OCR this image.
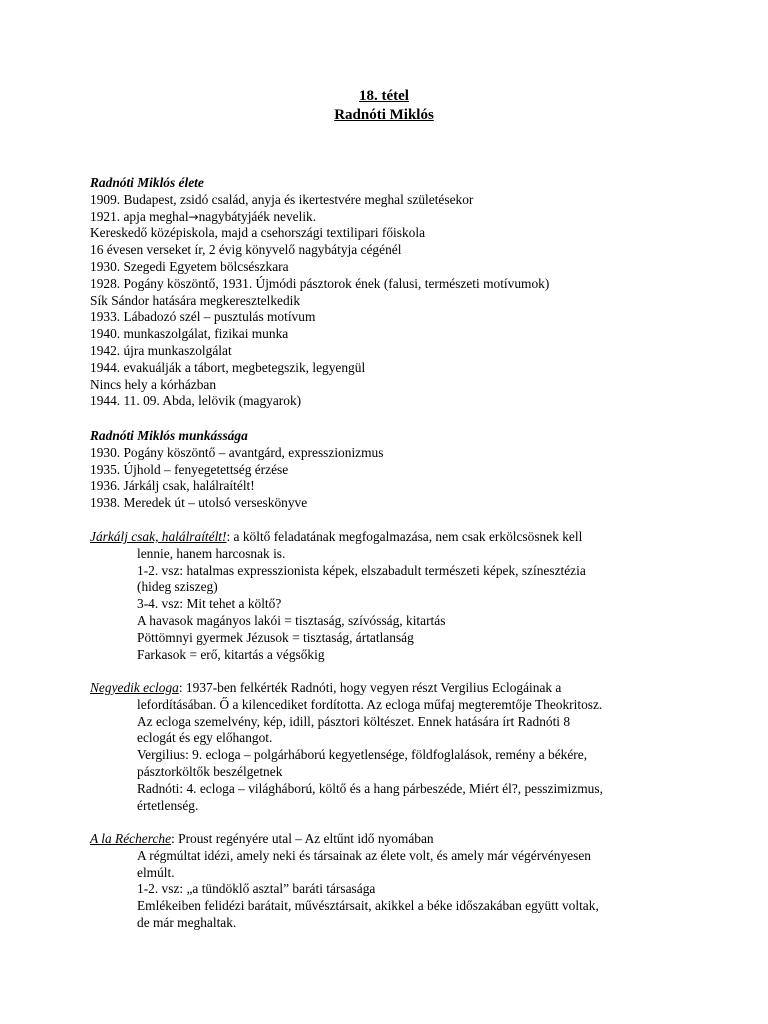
18. tétel
Radnóti Miklós
Radnóti Miklós élete
1909. Budapest, zsidó család, anyja és ikertestvére meghal születésekor
1921. apja meghal→nagybátyjáék nevelik.
Kereskedő középiskola, majd a csehországi textilipari főiskola
16 évesen verseket ír, 2 évig könyvelő nagybátyja cégénél
1930. Szegedi Egyetem bölcsészkara
1928. Pogány köszöntő, 1931. Újmódi pásztorok ének (falusi, természeti motívumok)
Sík Sándor hatására megkeresztelkedik
1933. Lábadozó szél – pusztulás motívum
1940. munkaszolgálat, fizikai munka
1942. újra munkaszolgálat
1944. evakuálják a tábort, megbetegszik, legyengül
Nincs hely a kórházban
1944. 11. 09. Abda, lelövik (magyarok)
Radnóti Miklós munkássága
1930. Pogány köszöntő – avantgárd, expresszionizmus
1935. Újhold – fenyegetettség érzése
1936. Járkálj csak, halálraítélt!
1938. Meredek út – utolsó verseskönyve
Járkálj csak, halálraítélt!: a költő feladatának megfogalmazása, nem csak erkölcsösnek kell
lennie, hanem harcosnak is.
1-2. vsz: hatalmas expresszionista képek, elszabadult természeti képek, színesztézia
(hideg sziszeg)
3-4. vsz: Mit tehet a költő?
A havasok magányos lakói = tisztaság, szívósság, kitartás
Pöttömnyi gyermek Jézusok = tisztaság, ártatlanság
Farkasok = erő, kitartás a végsőkig
Negyedik ecloga: 1937-ben felkérték Radnóti, hogy vegyen részt Vergilius Eclogáinak a
lefordításában. Ő a kilencediket fordította. Az ecloga műfaj megteremtője Theokritosz.
Az ecloga szemelvény, kép, idill, pásztori költészet. Ennek hatására írt Radnóti 8
eclogát és egy előhangot.
Vergilius: 9. ecloga – polgárháború kegyetlensége, földfoglalások, remény a békére,
pásztorköltők beszélgetnek
Radnóti: 4. ecloga – világháború, költő és a hang párbeszéde, Miért él?, pesszimizmus,
értetlenség.
A la Récherche: Proust regényére utal – Az eltűnt idő nyomában
A régmúltat idézi, amely neki és társainak az élete volt, és amely már végérvényesen
elmúlt.
1-2. vsz: „a tündöklő asztal” baráti társasága
Emlékeiben felidézi barátait, művésztársait, akikkel a béke időszakában együtt voltak,
de már meghaltak.
